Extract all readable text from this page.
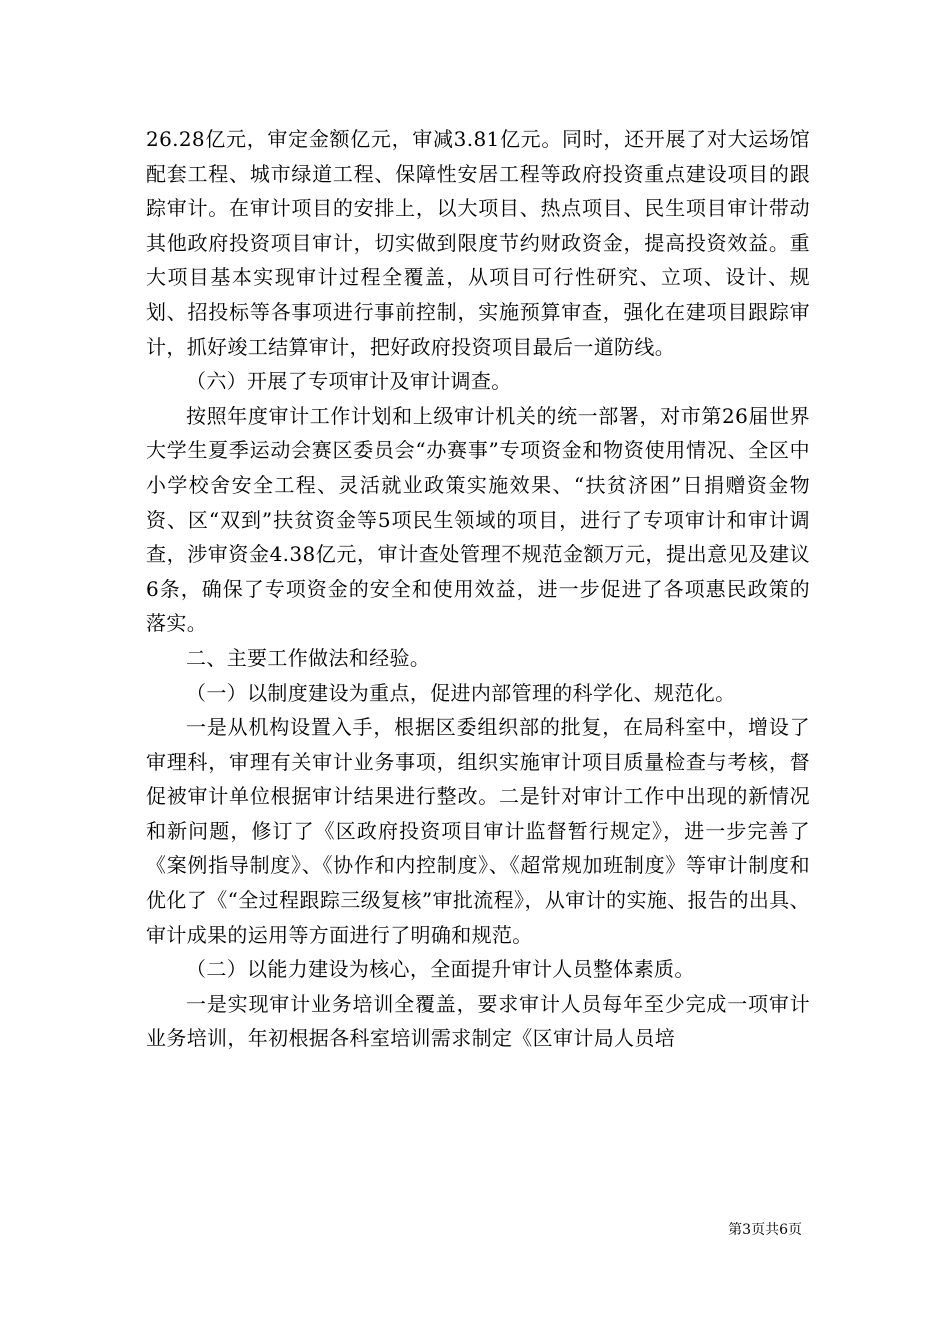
26.28亿元，审定金额亿元，审减3.81亿元。同时，还开展了对大运场馆配套工程、城市绿道工程、保障性安居工程等政府投资重点建设项目的跟踪审计。在审计项目的安排上，以大项目、热点项目、民生项目审计带动其他政府投资项目审计，切实做到限度节约财政资金，提高投资效益。重大项目基本实现审计过程全覆盖，从项目可行性研究、立项、设计、规划、招投标等各事项进行事前控制，实施预算审查，强化在建项目跟踪审计，抓好竣工结算审计，把好政府投资项目最后一道防线。

（六）开展了专项审计及审计调查。

按照年度审计工作计划和上级审计机关的统一部署，对市第26届世界大学生夏季运动会赛区委员会“办赛事”专项资金和物资使用情况、全区中小学校舍安全工程、灵活就业政策实施效果、“扶贫济困”日捐赠资金物资、区“双到”扶贫资金等5项民生领域的项目，进行了专项审计和审计调查，涉审资金4.38亿元，审计查处管理不规范金额万元，提出意见及建议6条，确保了专项资金的安全和使用效益，进一步促进了各项惠民政策的落实。

二、主要工作做法和经验。

（一）以制度建设为重点，促进内部管理的科学化、规范化。

一是从机构设置入手，根据区委组织部的批复，在局科室中，增设了审理科，审理有关审计业务事项，组织实施审计项目质量检查与考核，督促被审计单位根据审计结果进行整改。二是针对审计工作中出现的新情况和新问题，修订了《区政府投资项目审计监督暂行规定》，进一步完善了《案例指导制度》、《协作和内控制度》、《超常规加班制度》等审计制度和优化了《“全过程跟踪三级复核”审批流程》，从审计的实施、报告的出具、审计成果的运用等方面进行了明确和规范。

（二）以能力建设为核心，全面提升审计人员整体素质。

一是实现审计业务培训全覆盖，要求审计人员每年至少完成一项审计业务培训，年初根据各科室培训需求制定《区审计局人员培

第3页共6页
